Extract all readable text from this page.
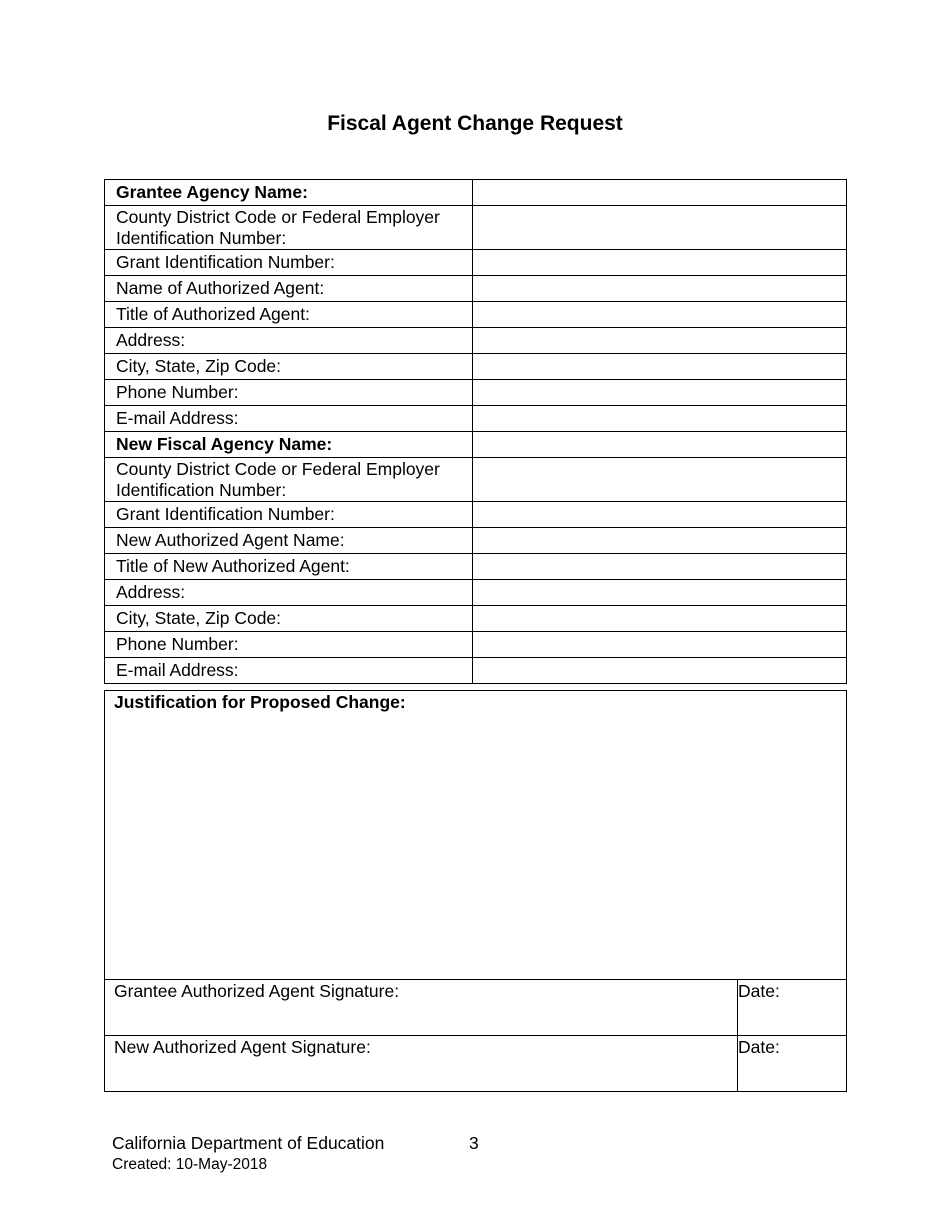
Fiscal Agent Change Request
Grantee Agency Name:	
County District Code or Federal Employer Identification Number:	
Grant Identification Number:	
Name of Authorized Agent:	
Title of Authorized Agent:	
Address:	
City, State, Zip Code:	
Phone Number:	
E-mail Address:	
New Fiscal Agency Name:	
County District Code or Federal Employer Identification Number:	
Grant Identification Number:	
New Authorized Agent Name:	
Title of New Authorized Agent:	
Address:	
City, State, Zip Code:	
Phone Number:	
E-mail Address:	
Justification for Proposed Change:	

Grantee Authorized Agent Signature:	Date:
New Authorized Agent Signature:	Date:
California Department of Education	3
Created: 10-May-2018
